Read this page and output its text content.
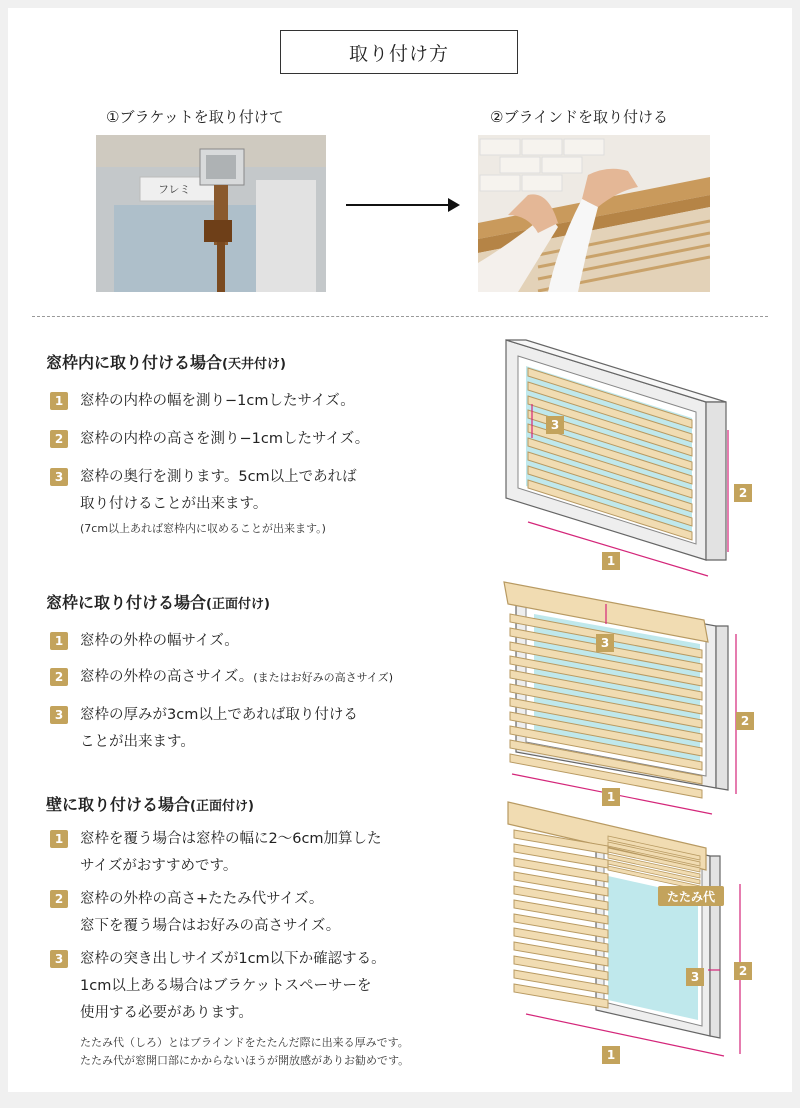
取り付け方
①ブラケットを取り付けて
フレミ
②ブラインドを取り付ける
窓枠内に取り付ける場合(天井付け)
1	窓枠の内枠の幅を測り−1cmしたサイズ。
2	窓枠の内枠の高さを測り−1cmしたサイズ。
3	窓枠の奥行を測ります。5cm以上であれば
取り付けることが出来ます。
(7cm以上あれば窓枠内に収めることが出来ます。)
3
2
1
窓枠に取り付ける場合(正面付け)
1	窓枠の外枠の幅サイズ。
2	窓枠の外枠の高さサイズ。 (またはお好みの高さサイズ)
3	窓枠の厚みが3cm以上であれば取り付ける
ことが出来ます。
3
2
1
壁に取り付ける場合(正面付け)
1	窓枠を覆う場合は窓枠の幅に2〜6cm加算した
サイズがおすすめです。
2	窓枠の外枠の高さ+たたみ代サイズ。
窓下を覆う場合はお好みの高さサイズ。
3	窓枠の突き出しサイズが1cm以下か確認する。
1cm以上ある場合はブラケットスペーサーを
使用する必要があります。
たたみ代（しろ）とはブラインドをたたんだ際に出来る厚みです。
たたみ代が窓開口部にかからないほうが開放感がありお勧めです。
たたみ代
3	2
1
